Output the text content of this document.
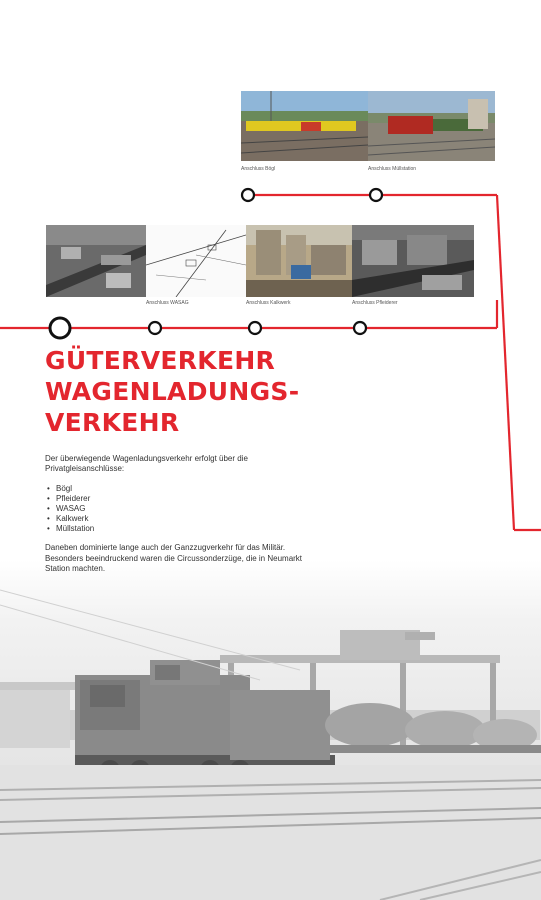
Anschluss Bögl	Anschluss Müllstation
Anschluss WASAG	Anschluss Kalkwerk	Anschluss Pfleiderer
GÜTERVERKEHR
WAGENLADUNGS-
VERKEHR

Der überwiegende Wagenladungsverkehr erfolgt über die Privatgleisanschlüsse:

• Bögl
• Pfleiderer
• WASAG
• Kalkwerk
• Müllstation

Daneben dominierte lange auch der Ganzzugverkehr für das Militär. Besonders beeindruckend waren die Circussonderzüge, die in Neumarkt Station machten.
